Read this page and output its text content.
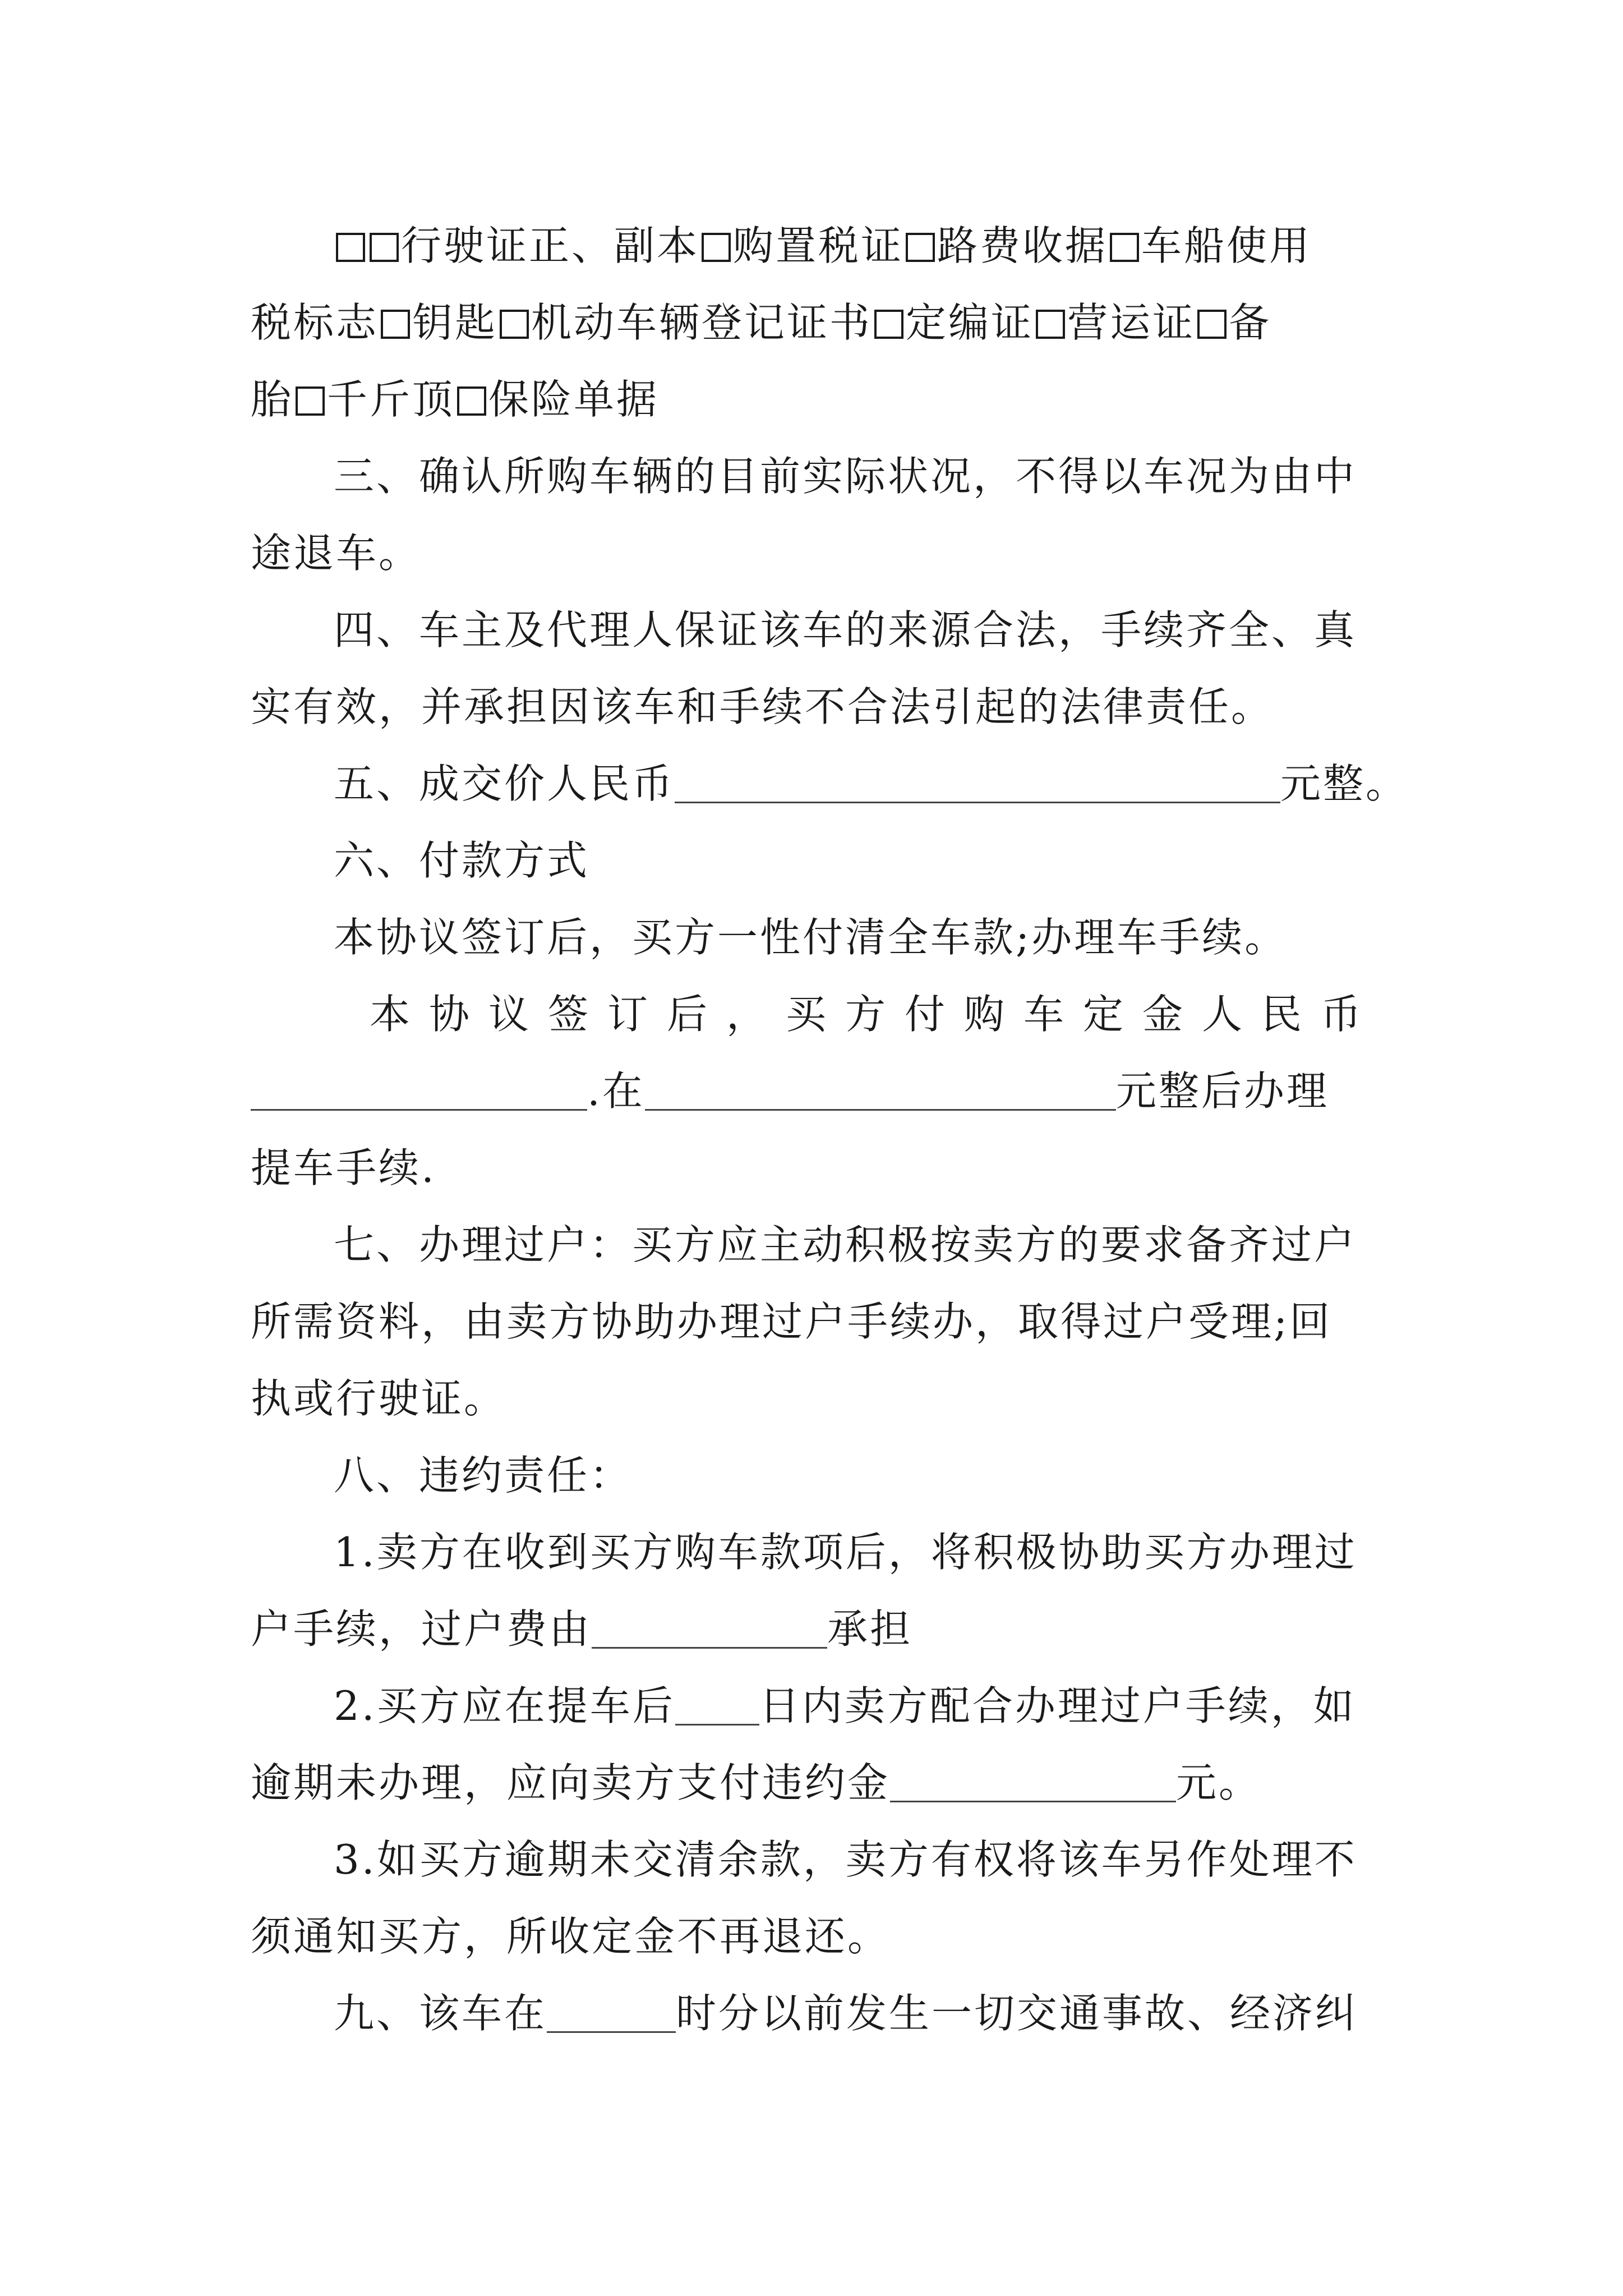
行驶证正、副本 购置税证 路费收据 车船使用
税标志 钥匙 机动车辆登记证书 定编证 营运证 备
胎 千斤顶 保险单据
三、确认所购车辆的目前实际状况，不得以车况为由中
途退车。
四、车主及代理人保证该车的来源合法，手续齐全、真
实有效，并承担因该车和手续不合法引起的法律责任。
五、成交价人民币	元整。
六、付款方式
本协议签订后，买方一性付清全车款;办理车手续。
本协议签订后，买方付购车定金人民币
.在	元整后办理
提车手续.
七、办理过户：买方应主动积极按卖方的要求备齐过户
所需资料，由卖方协助办理过户手续办，取得过户受理;回
执或行驶证。
八、违约责任：
1.卖方在收到买方购车款项后，将积极协助买方办理过
户手续，过户费由	承担
2.买方应在提车后 日内卖方配合办理过户手续，如
逾期未办理，应向卖方支付违约金	元。
3.如买方逾期未交清余款，卖方有权将该车另作处理不
须通知买方，所收定金不再退还。
九、该车在	时分以前发生一切交通事故、经济纠
